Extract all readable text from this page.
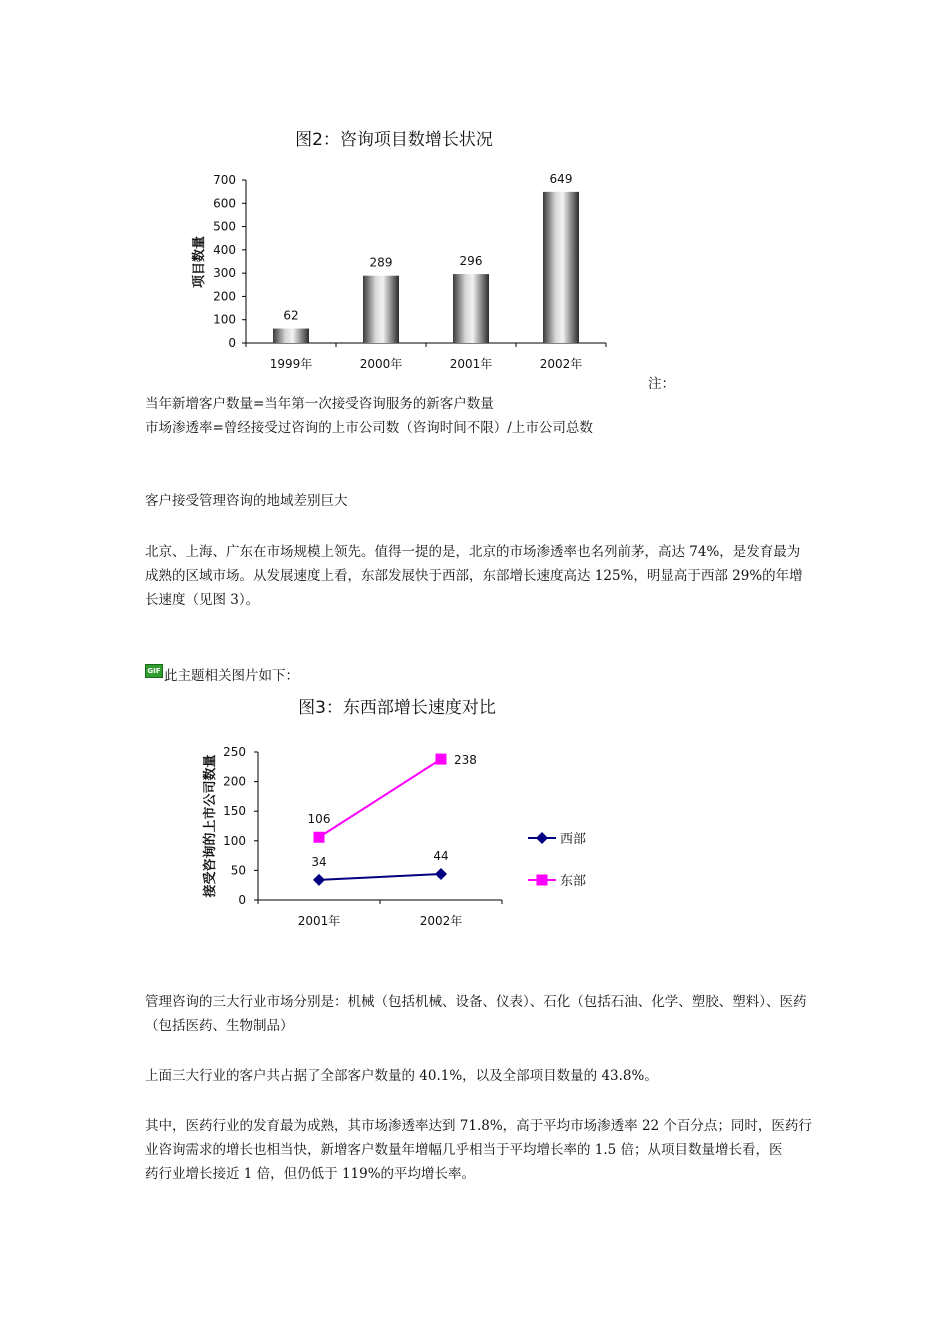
图2：咨询项目数增长状况
项目数量
0
100
200
300
400
500
600
700
1999年	2000年	2001年	2002年
62
289	296
649
注：
当年新增客户数量=当年第一次接受咨询服务的新客户数量
市场渗透率=曾经接受过咨询的上市公司数（咨询时间不限）/上市公司总数

客户接受管理咨询的地域差别巨大

北京、上海、广东在市场规模上领先。值得一提的是，北京的市场渗透率也名列前茅，高达 74%，是发育最为
成熟的区域市场。从发展速度上看，东部发展快于西部，东部增长速度高达 125%，明显高于西部 29%的年增
长速度（见图 3）。
GIF 此主题相关图片如下：

图3：东西部增长速度对比
接受咨询的上市公司数量
0
50
100
150
200
250
2001年	2002年
34	44
106
238
西部
东部
管理咨询的三大行业市场分别是：机械（包括机械、设备、仪表）、石化（包括石油、化学、塑胶、塑料）、医药
（包括医药、生物制品）

上面三大行业的客户共占据了全部客户数量的 40.1%，以及全部项目数量的 43.8%。

其中，医药行业的发育最为成熟，其市场渗透率达到 71.8%，高于平均市场渗透率 22 个百分点；同时，医药行
业咨询需求的增长也相当快，新增客户数量年增幅几乎相当于平均增长率的 1.5 倍；从项目数量增长看，医
药行业增长接近 1 倍，但仍低于 119%的平均增长率。
